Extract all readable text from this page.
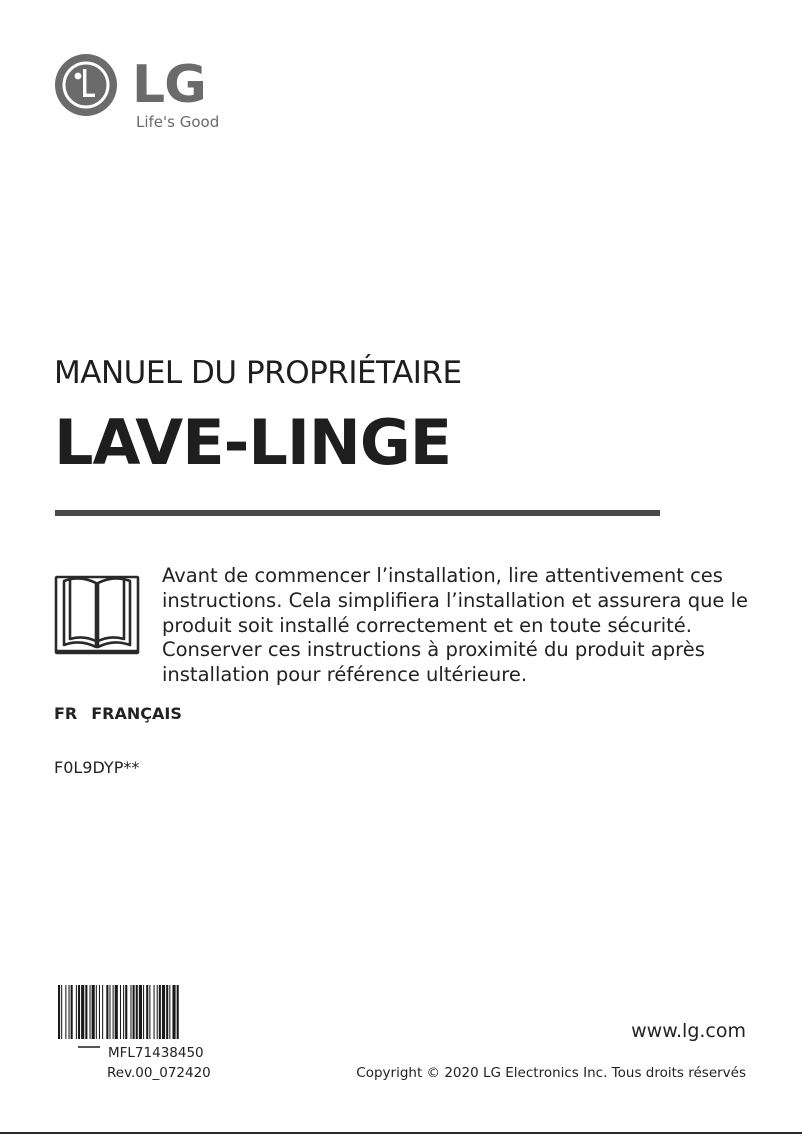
LG
Life's Good
MANUEL DU PROPRIÉTAIRE
LAVE-LINGE
Avant de commencer l’installation, lire attentivement ces
instructions. Cela simplifiera l’installation et assurera que le
produit soit installé correctement et en toute sécurité.
Conserver ces instructions à proximité du produit après
installation pour référence ultérieure.
FR FRANÇAIS
F0L9DYP**
MFL71438450
Rev.00_072420
www.lg.com
Copyright © 2020 LG Electronics Inc. Tous droits réservés
